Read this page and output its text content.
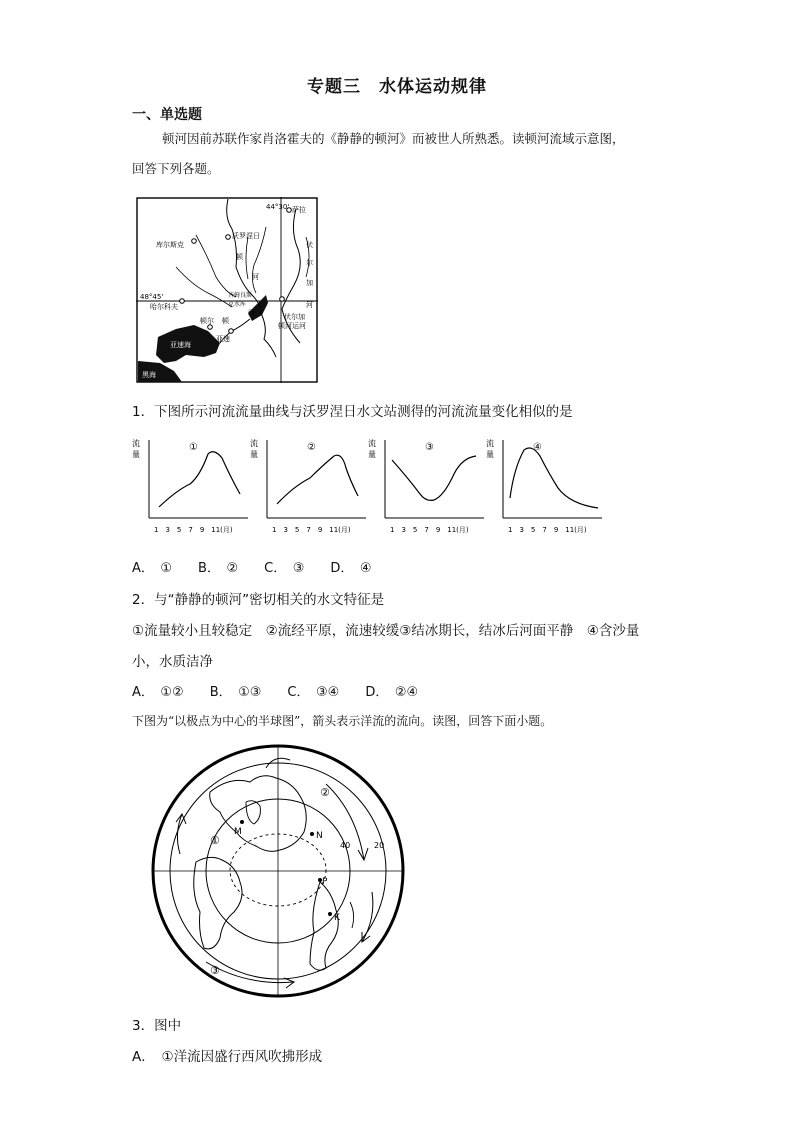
专题三　水体运动规律
一、单选题
顿河因前苏联作家肖洛霍夫的《静静的顿河》而被世人所熟悉。读顿河流域示意图，
回答下列各题。
44°30' 萨拉
库尔斯克
沃罗涅日
顿
河
伏
尔
加
河
48°45'
哈尔科夫
齐姆良斯
克水库
顿
河	伏尔加
顿河运河
顿尔
亚速
亚速海
黑海
1．下图所示河流流量曲线与沃罗涅日水文站测得的河流流量变化相似的是
流
量
①
1　3　5　7　9　11(月)
流
量
②
1　3　5　7　9　11(月)
流
量
③
1　3　5　7　9　11(月)
流
量
④
1　3　5　7　9　11(月)
A．　①　　B．　②　　C．　③　　D．　④
2．与“静静的顿河”密切相关的水文特征是
①流量较小且较稳定　②流经平原，流速较缓③结冰期长，结冰后河面平静　④含沙量
小，水质洁净
A．　①②　　B．　①③　　C．　③④　　D．　②④
下图为“以极点为中心的半球图”，箭头表示洋流的流向。读图，回答下面小题。
①
②
③
M	N
P
K
40	20
3．图中
A．　①洋流因盛行西风吹拂形成
